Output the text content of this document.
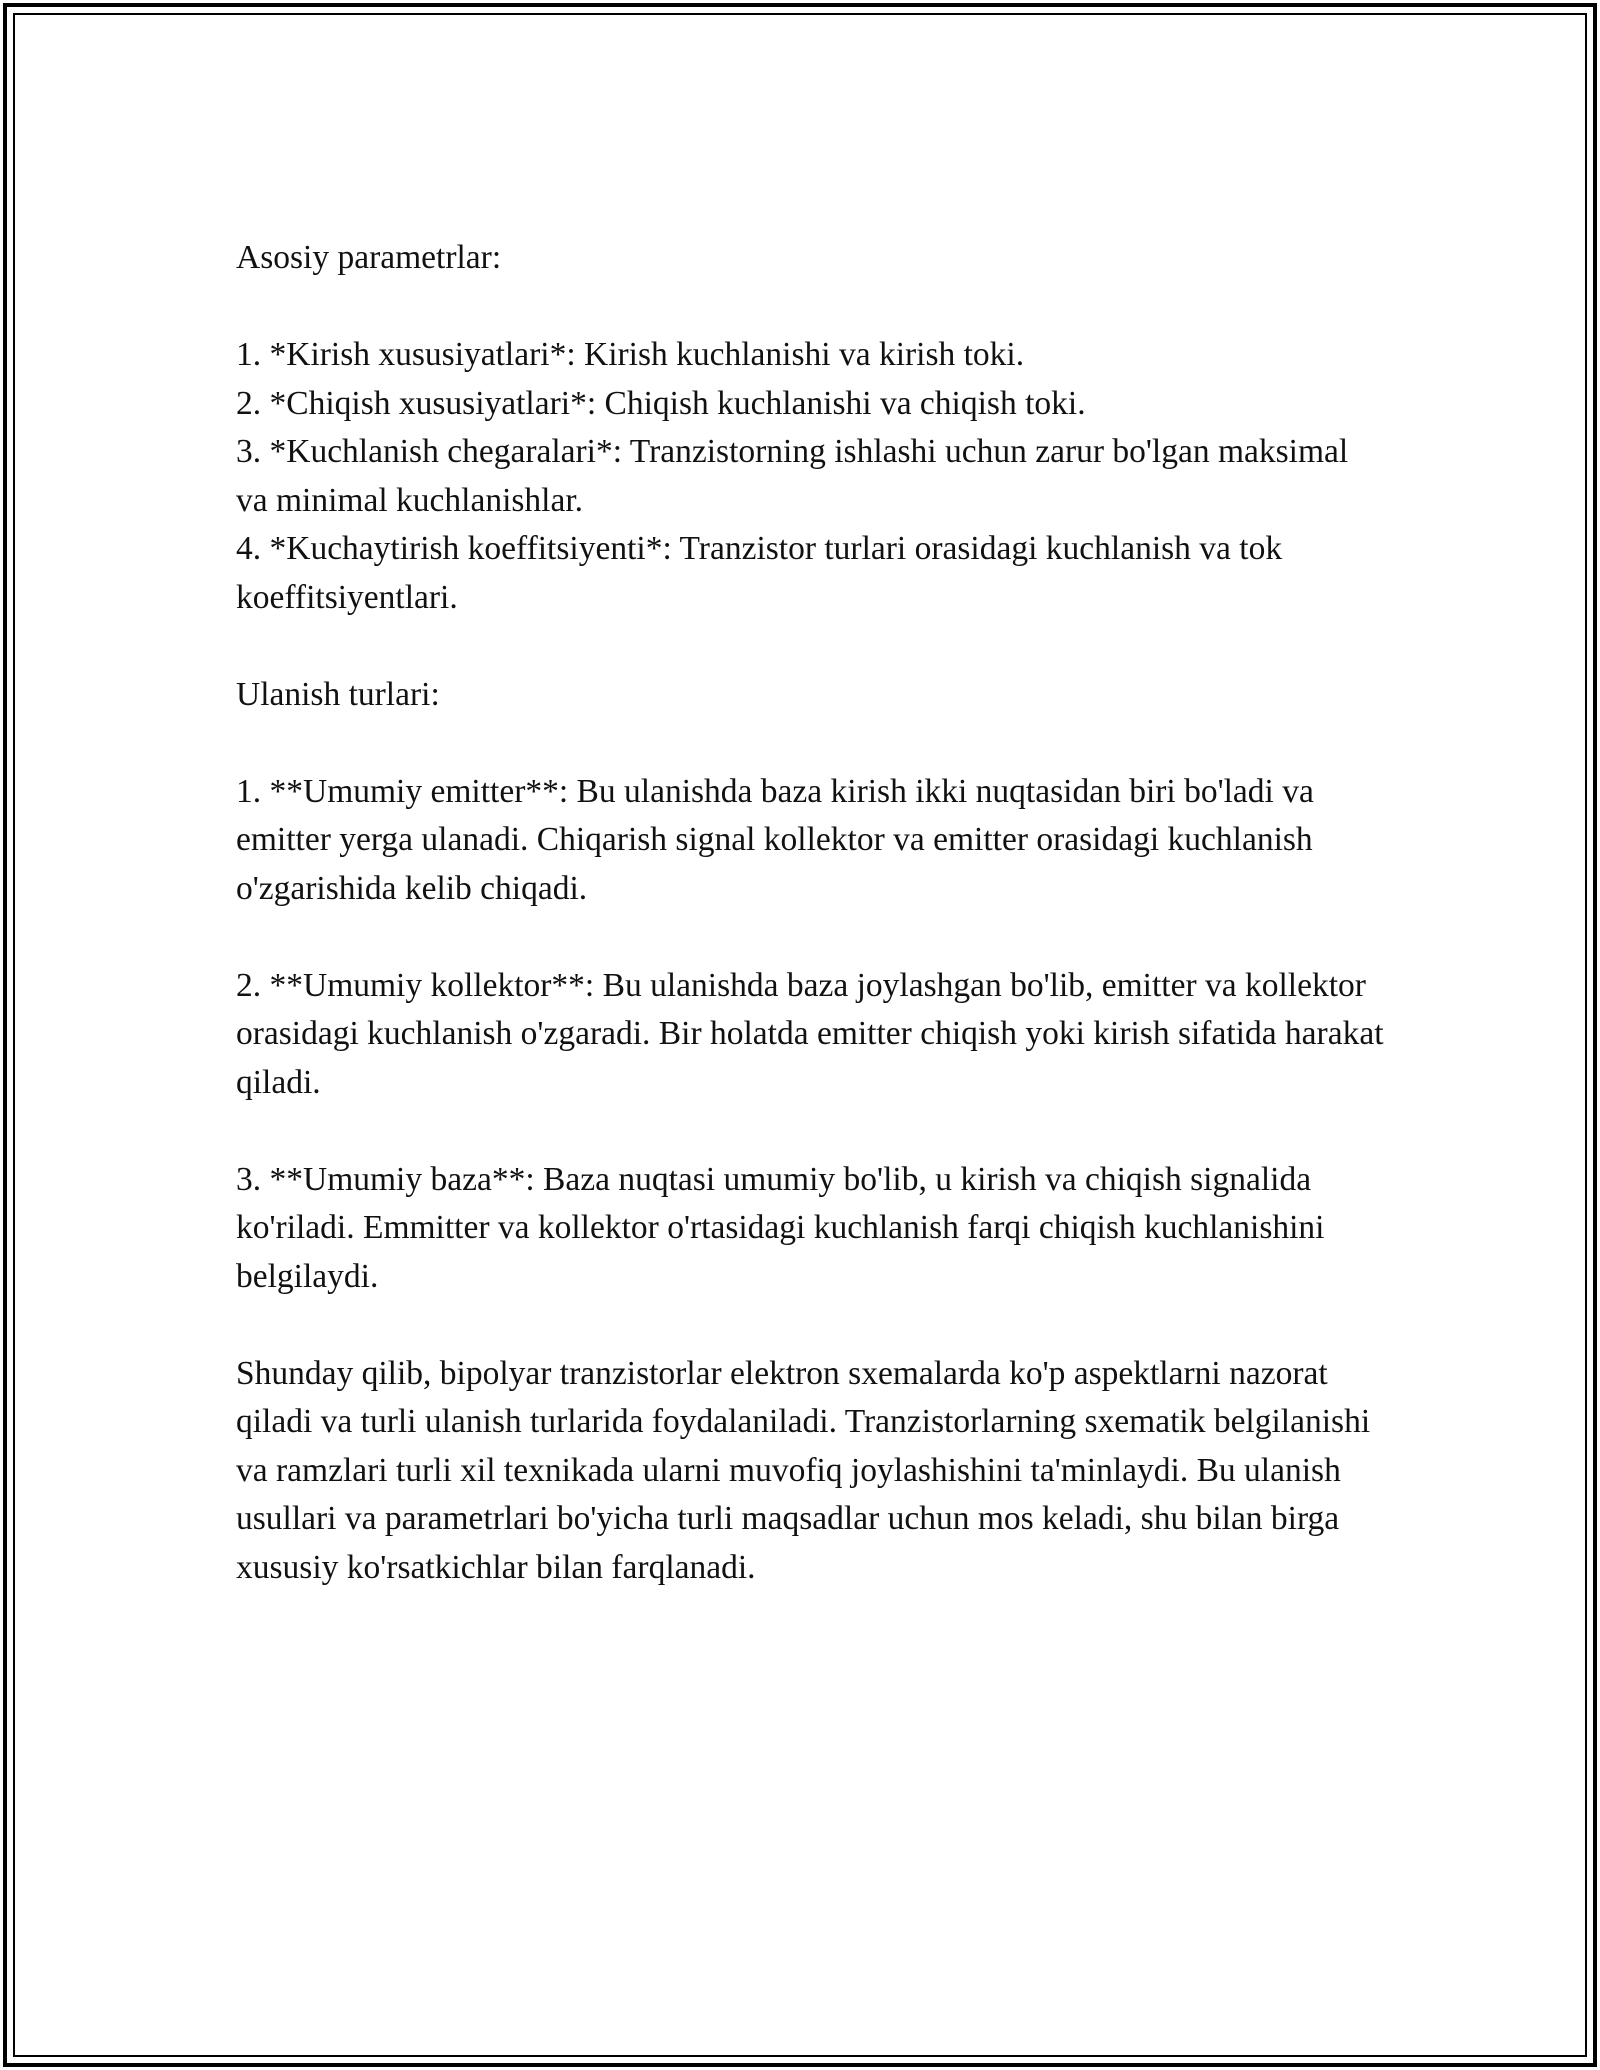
Asosiy parametrlar:

1. *Kirish xususiyatlari*: Kirish kuchlanishi va kirish toki.

2. *Chiqish xususiyatlari*: Chiqish kuchlanishi va chiqish toki.

3. *Kuchlanish chegaralari*: Tranzistorning ishlashi uchun zarur bo'lgan maksimal va minimal kuchlanishlar.

4. *Kuchaytirish koeffitsiyenti*: Tranzistor turlari orasidagi kuchlanish va tok koeffitsiyentlari.

Ulanish turlari:

1. **Umumiy emitter**: Bu ulanishda baza kirish ikki nuqtasidan biri bo'ladi va emitter yerga ulanadi. Chiqarish signal kollektor va emitter orasidagi kuchlanish o'zgarishida kelib chiqadi.

2. **Umumiy kollektor**: Bu ulanishda baza joylashgan bo'lib, emitter va kollektor orasidagi kuchlanish o'zgaradi. Bir holatda emitter chiqish yoki kirish sifatida harakat qiladi.

3. **Umumiy baza**: Baza nuqtasi umumiy bo'lib, u kirish va chiqish signalida ko'riladi. Emmitter va kollektor o'rtasidagi kuchlanish farqi chiqish kuchlanishini belgilaydi.

Shunday qilib, bipolyar tranzistorlar elektron sxemalarda ko'p aspektlarni nazorat qiladi va turli ulanish turlarida foydalaniladi. Tranzistorlarning sxematik belgilanishi va ramzlari turli xil texnikada ularni muvofiq joylashishini ta'minlaydi. Bu ulanish usullari va parametrlari bo'yicha turli maqsadlar uchun mos keladi, shu bilan birga xususiy ko'rsatkichlar bilan farqlanadi.
